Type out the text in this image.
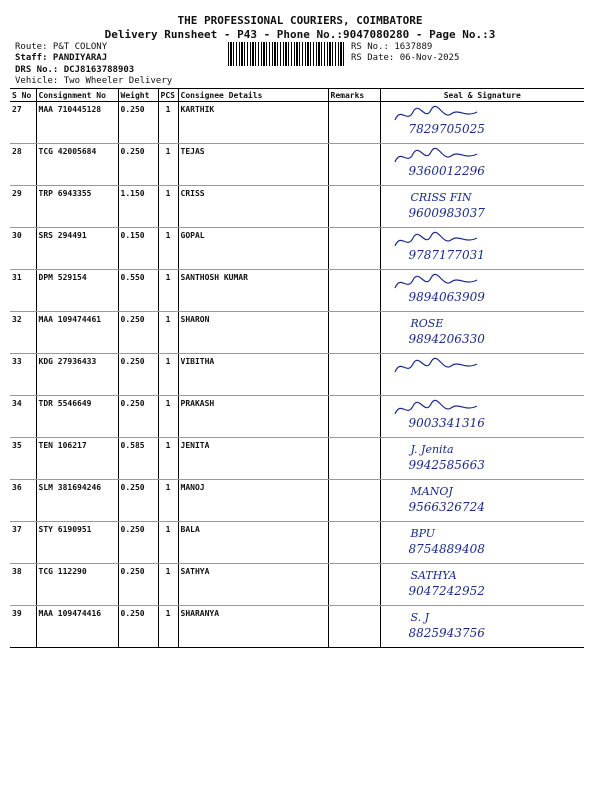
THE PROFESSIONAL COURIERS, COIMBATORE
Delivery Runsheet - P43 - Phone No.:9047080280 - Page No.:3
Route: P&T COLONY
Staff: PANDIYARAJ
DRS No.: DCJ8163788903
Vehicle: Two Wheeler Delivery
RS No.: 1637889
RS Date: 06-Nov-2025
S No	Consignment No	Weight	PCS	Consignee Details	Remarks	Seal & Signature
27	MAA 710445128	0.250	1	KARTHIK		7829705025

28	TCG 42005684	0.250	1	TEJAS		9360012296

29	TRP 6943355	1.150	1	CRISS		CRISS FIN
9600983037

30	SRS 294491	0.150	1	GOPAL		9787177031

31	DPM 529154	0.550	1	SANTHOSH KUMAR		9894063909

32	MAA 109474461	0.250	1	SHARON		ROSE
9894206330

33	KDG 27936433	0.250	1	VIBITHA		

34	TDR 5546649	0.250	1	PRAKASH		9003341316

35	TEN 106217	0.585	1	JENITA		J. Jenita
9942585663

36	SLM 381694246	0.250	1	MANOJ		MANOJ
9566326724

37	STY 6190951	0.250	1	BALA		BPU
8754889408

38	TCG 112290	0.250	1	SATHYA		SATHYA
9047242952

39	MAA 109474416	0.250	1	SHARANYA		S. J
8825943756
